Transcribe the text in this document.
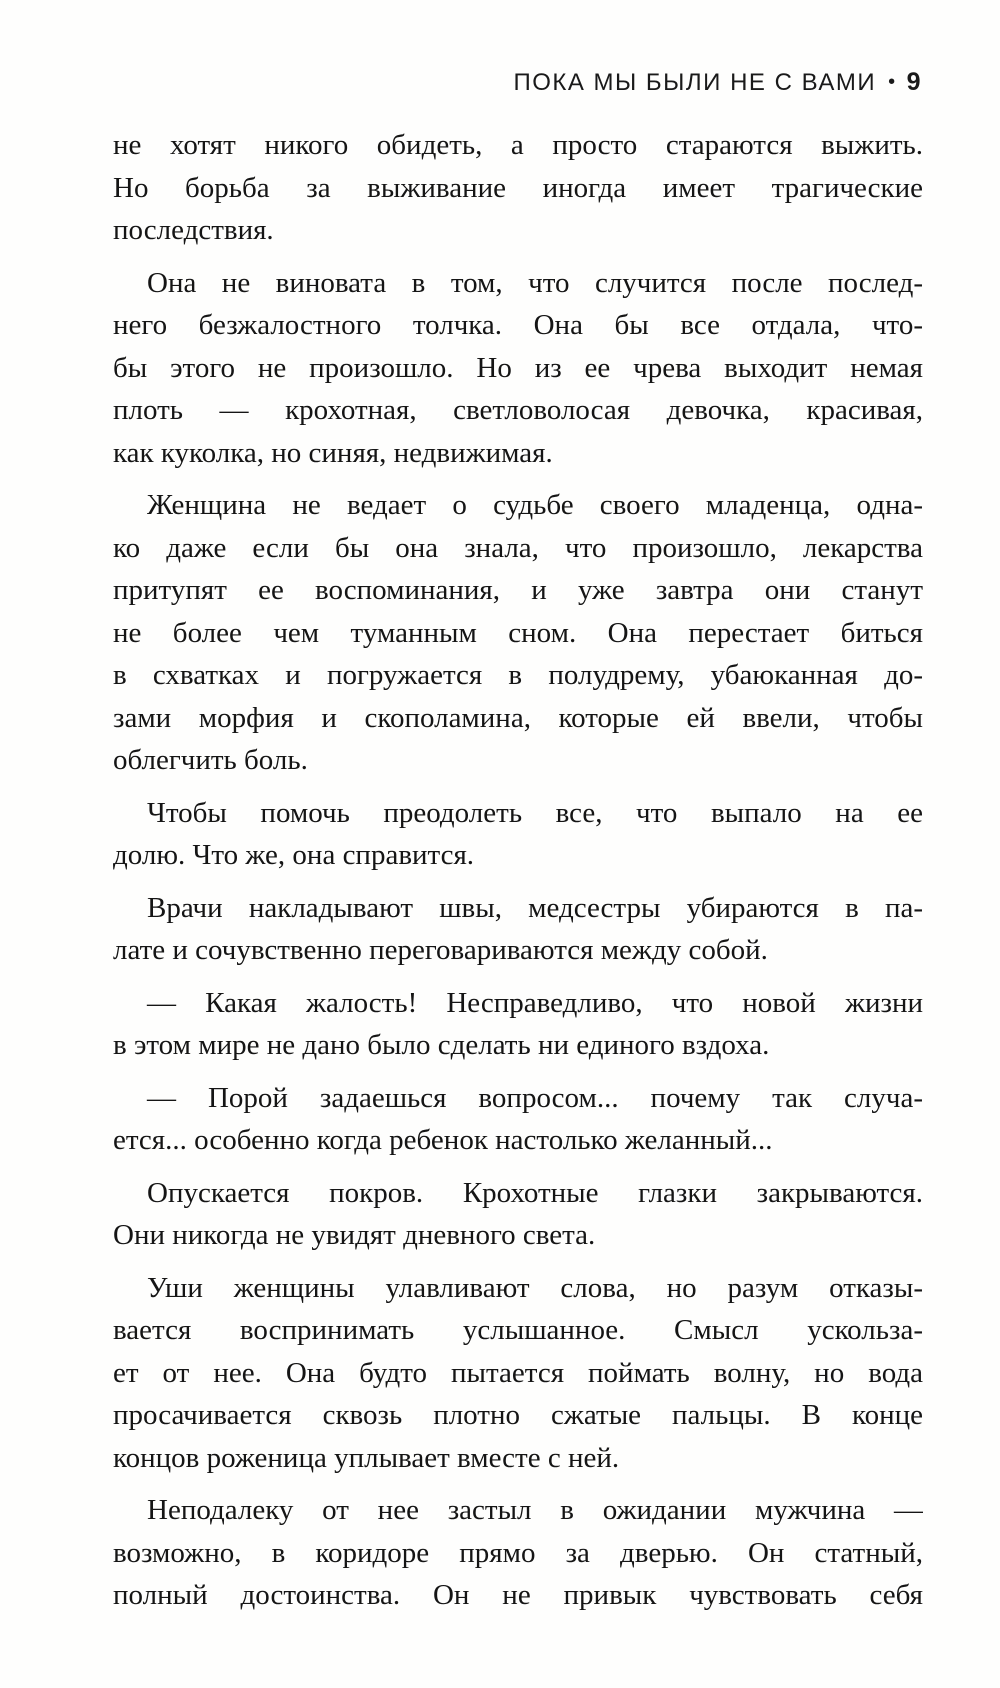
ПОКА МЫ БЫЛИ НЕ С ВАМИ • 9
не хотят никого обидеть, а просто стараются выжить.
Но борьба за выживание иногда имеет трагические
последствия.
Она не виновата в том, что случится после послед-
него безжалостного толчка. Она бы все отдала, что-
бы этого не произошло. Но из ее чрева выходит немая
плоть — крохотная, светловолосая девочка, красивая,
как куколка, но синяя, недвижимая.
Женщина не ведает о судьбе своего младенца, одна-
ко даже если бы она знала, что произошло, лекарства
притупят ее воспоминания, и уже завтра они станут
не более чем туманным сном. Она перестает биться
в схватках и погружается в полудрему, убаюканная до-
зами морфия и скополамина, которые ей ввели, чтобы
облегчить боль.
Чтобы помочь преодолеть все, что выпало на ее
долю. Что же, она справится.
Врачи накладывают швы, медсестры убираются в па-
лате и сочувственно переговариваются между собой.
— Какая жалость! Несправедливо, что новой жизни
в этом мире не дано было сделать ни единого вздоха.
— Порой задаешься вопросом... почему так случа-
ется... особенно когда ребенок настолько желанный...
Опускается покров. Крохотные глазки закрываются.
Они никогда не увидят дневного света.
Уши женщины улавливают слова, но разум отказы-
вается воспринимать услышанное. Смысл ускольза-
ет от нее. Она будто пытается поймать волну, но вода
просачивается сквозь плотно сжатые пальцы. В конце
концов роженица уплывает вместе с ней.
Неподалеку от нее застыл в ожидании мужчина —
возможно, в коридоре прямо за дверью. Он статный,
полный достоинства. Он не привык чувствовать себя
